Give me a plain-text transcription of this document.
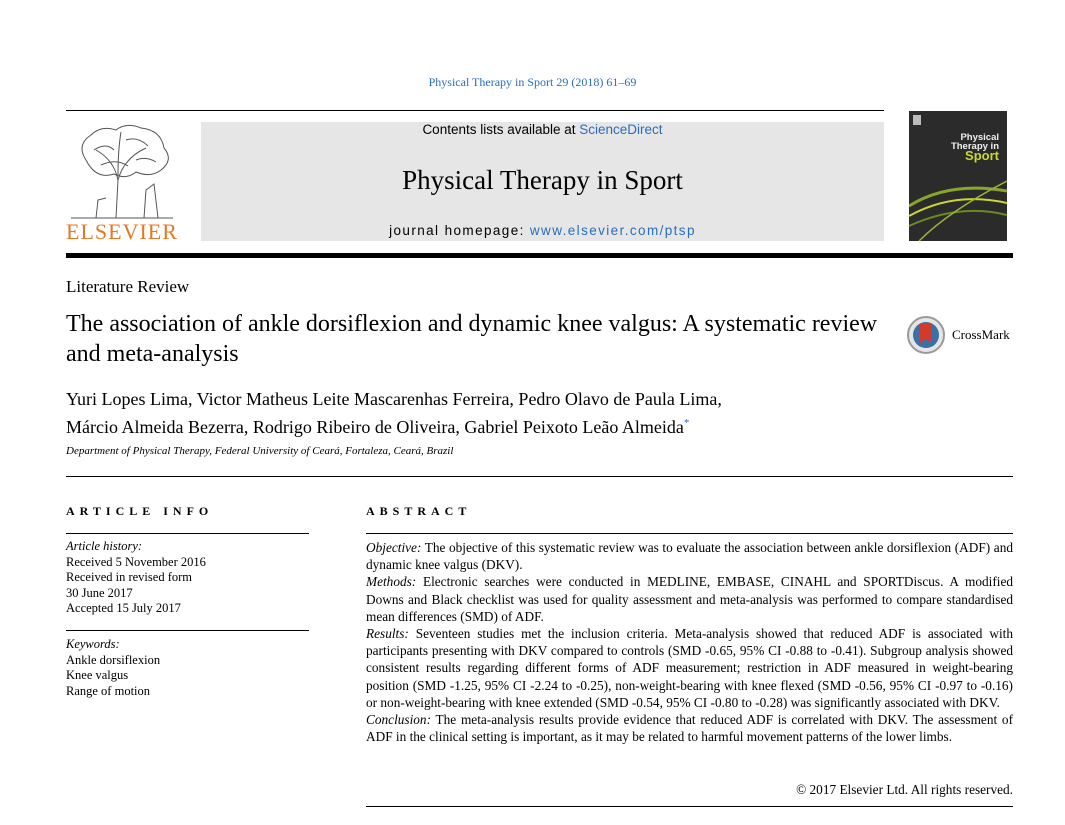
Physical Therapy in Sport 29 (2018) 61–69
ELSEVIER
Contents lists available at ScienceDirect
Physical Therapy in Sport
journal homepage: www.elsevier.com/ptsp
Physical
Therapy in
Sport
Literature Review
The association of ankle dorsiflexion and dynamic knee valgus: A systematic review and meta-analysis
CrossMark
Yuri Lopes Lima, Victor Matheus Leite Mascarenhas Ferreira, Pedro Olavo de Paula Lima,
Márcio Almeida Bezerra, Rodrigo Ribeiro de Oliveira, Gabriel Peixoto Leão Almeida*
Department of Physical Therapy, Federal University of Ceará, Fortaleza, Ceará, Brazil
ARTICLE INFO	ABSTRACT
Article history:
Received 5 November 2016
Received in revised form
30 June 2017
Accepted 15 July 2017
Keywords:
Ankle dorsiflexion
Knee valgus
Range of motion
Objective: The objective of this systematic review was to evaluate the association between ankle dorsiflexion (ADF) and dynamic knee valgus (DKV).
Methods: Electronic searches were conducted in MEDLINE, EMBASE, CINAHL and SPORTDiscus. A modified Downs and Black checklist was used for quality assessment and meta-analysis was performed to compare standardised mean differences (SMD) of ADF.
Results: Seventeen studies met the inclusion criteria. Meta-analysis showed that reduced ADF is associated with participants presenting with DKV compared to controls (SMD -0.65, 95% CI -0.88 to -0.41). Subgroup analysis showed consistent results regarding different forms of ADF measurement; restriction in ADF measured in weight-bearing position (SMD -1.25, 95% CI -2.24 to -0.25), non-weight-bearing with knee flexed (SMD -0.56, 95% CI -0.97 to -0.16) or non-weight-bearing with knee extended (SMD -0.54, 95% CI -0.80 to -0.28) was significantly associated with DKV.
Conclusion: The meta-analysis results provide evidence that reduced ADF is correlated with DKV. The assessment of ADF in the clinical setting is important, as it may be related to harmful movement patterns of the lower limbs.
© 2017 Elsevier Ltd. All rights reserved.
